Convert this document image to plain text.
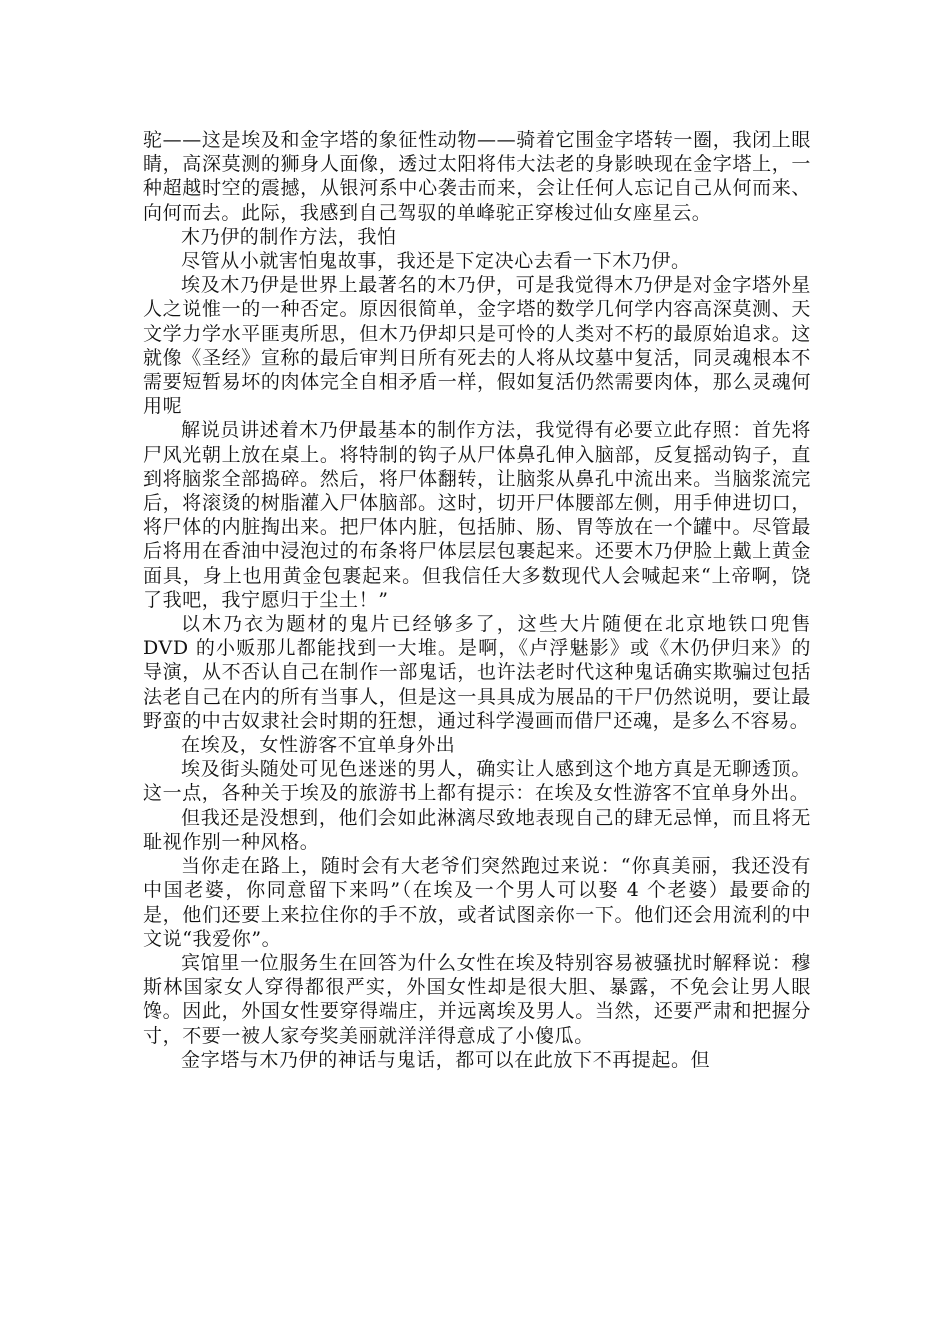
驼——这是埃及和金字塔的象征性动物——骑着它围金字塔转一圈，我闭上眼睛，高深莫测的狮身人面像，透过太阳将伟大法老的身影映现在金字塔上，一种超越时空的震撼，从银河系中心袭击而来，会让任何人忘记自己从何而来、向何而去。此际，我感到自己驾驭的单峰驼正穿梭过仙女座星云。

木乃伊的制作方法，我怕

尽管从小就害怕鬼故事，我还是下定决心去看一下木乃伊。

埃及木乃伊是世界上最著名的木乃伊，可是我觉得木乃伊是对金字塔外星人之说惟一的一种否定。原因很简单，金字塔的数学几何学内容高深莫测、天文学力学水平匪夷所思，但木乃伊却只是可怜的人类对不朽的最原始追求。这就像《圣经》宣称的最后审判日所有死去的人将从坟墓中复活，同灵魂根本不需要短暂易坏的肉体完全自相矛盾一样，假如复活仍然需要肉体，那么灵魂何用呢

解说员讲述着木乃伊最基本的制作方法，我觉得有必要立此存照：首先将尸风光朝上放在桌上。将特制的钩子从尸体鼻孔伸入脑部，反复摇动钩子，直到将脑浆全部捣碎。然后，将尸体翻转，让脑浆从鼻孔中流出来。当脑浆流完后，将滚烫的树脂灌入尸体脑部。这时，切开尸体腰部左侧，用手伸进切口，将尸体的内脏掏出来。把尸体内脏，包括肺、肠、胃等放在一个罐中。尽管最后将用在香油中浸泡过的布条将尸体层层包裹起来。还要木乃伊脸上戴上黄金面具，身上也用黄金包裹起来。但我信任大多数现代人会喊起来“上帝啊，饶了我吧，我宁愿归于尘土！”

以木乃衣为题材的鬼片已经够多了，这些大片随便在北京地铁口兜售 DVD 的小贩那儿都能找到一大堆。是啊，《卢浮魅影》或《木仍伊归来》的导演，从不否认自己在制作一部鬼话，也许法老时代这种鬼话确实欺骗过包括法老自己在内的所有当事人，但是这一具具成为展品的干尸仍然说明，要让最野蛮的中古奴隶社会时期的狂想，通过科学漫画而借尸还魂，是多么不容易。

在埃及，女性游客不宜单身外出

埃及街头随处可见色迷迷的男人，确实让人感到这个地方真是无聊透顶。这一点，各种关于埃及的旅游书上都有提示：在埃及女性游客不宜单身外出。

但我还是没想到，他们会如此淋漓尽致地表现自己的肆无忌惮，而且将无耻视作别一种风格。

当你走在路上，随时会有大老爷们突然跑过来说：“你真美丽，我还没有中国老婆，你同意留下来吗”（在埃及一个男人可以娶 4 个老婆）最要命的是，他们还要上来拉住你的手不放，或者试图亲你一下。他们还会用流利的中文说“我爱你”。

宾馆里一位服务生在回答为什么女性在埃及特别容易被骚扰时解释说：穆斯林国家女人穿得都很严实，外国女性却是很大胆、暴露，不免会让男人眼馋。因此，外国女性要穿得端庄，并远离埃及男人。当然，还要严肃和把握分寸，不要一被人家夸奖美丽就洋洋得意成了小傻瓜。

金字塔与木乃伊的神话与鬼话，都可以在此放下不再提起。但
